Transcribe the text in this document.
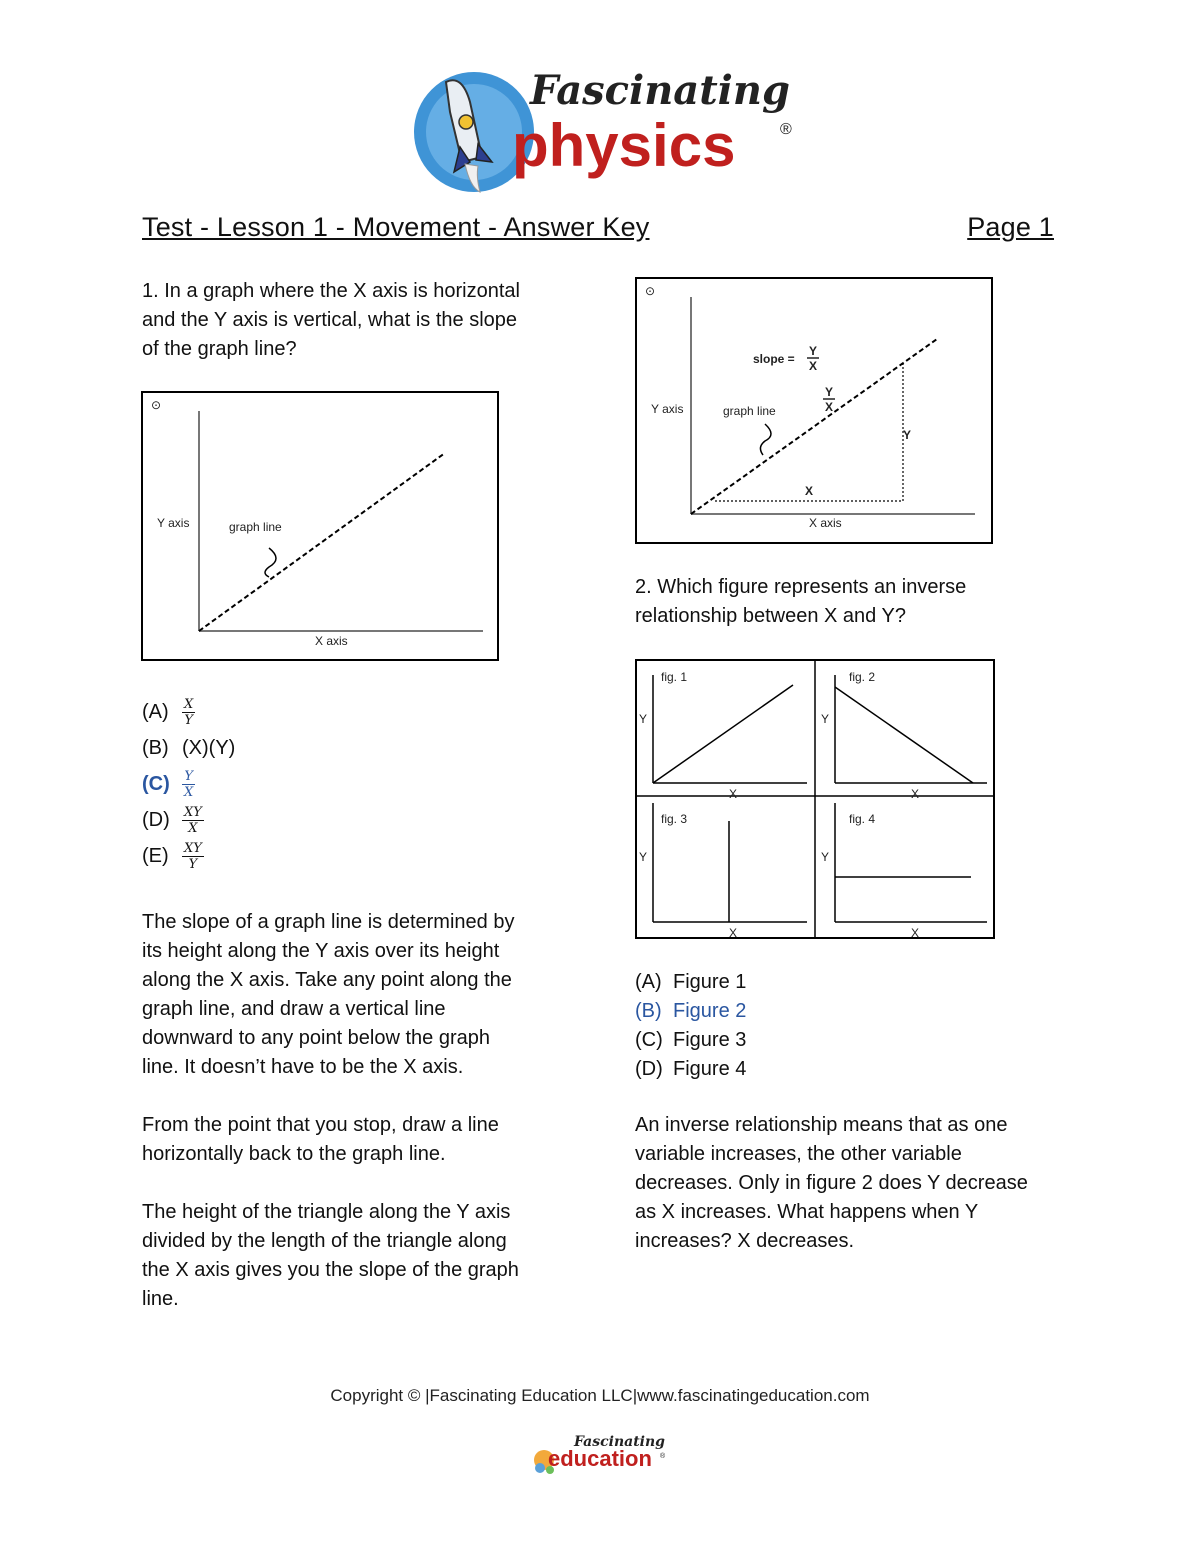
Fascinating
physics	®
Test - Lesson 1 - Movement - Answer Key	Page 1
1. In a graph where the X axis is horizontal
and the Y axis is vertical, what is the slope
of the graph line?
⊙
Y axis	graph line
X axis
(A)	$\frac{X}{Y}$
(B) (X)(Y)
$(C) \frac{Y}{X}$
$(D) \frac{XY}{X}$
(E)	$\frac{XY}{Y}$

The slope of a graph line is determined by
its height along the Y axis over its height
along the X axis. Take any point along the
graph line, and draw a vertical line
downward to any point below the graph
line. It doesn’t have to be the X axis.

From the point that you stop, draw a line
horizontally back to the graph line.

The height of the triangle along the Y axis
divided by the length of the triangle along
the X axis gives you the slope of the graph
line.

⊙
Y axis	graph line
X axis
slope =
Y
X
Y
X
Y
X
2. Which figure represents an inverse
relationship between X and Y?
fig. 1
Y
X
fig. 2
Y
X
fig. 3
Y
X
fig. 4
Y
X
(A) Figure 1
(B) Figure 2
(C) Figure 3
(D) Figure 4

An inverse relationship means that as one
variable increases, the other variable
decreases. Only in figure 2 does Y decrease
as X increases. What happens when Y
increases? X decreases.

Copyright © |Fascinating Education LLC|www.fascinatingeducation.com
Fascinating
education ®
